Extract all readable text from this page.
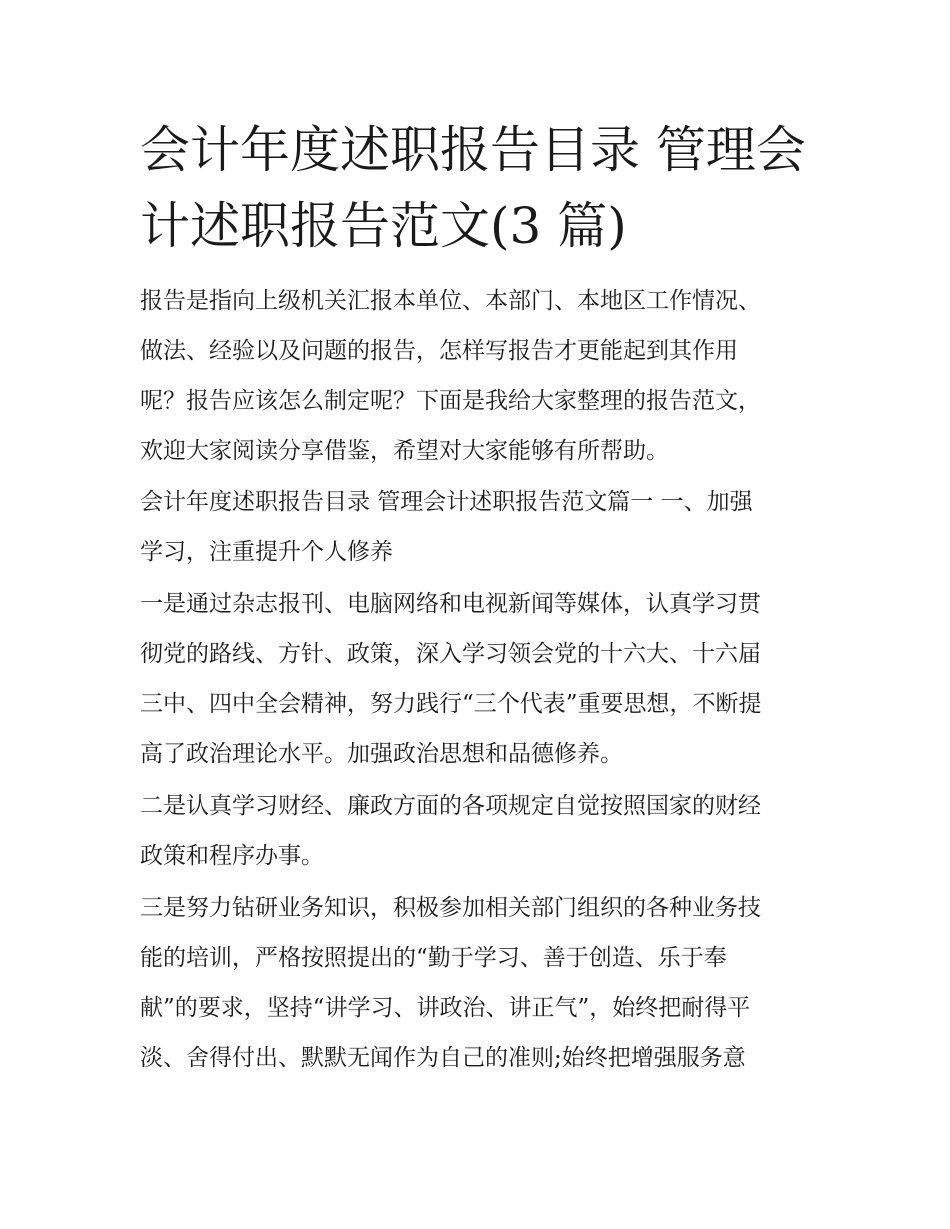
会计年度述职报告目录 管理会
计述职报告范文(3 篇)
报告是指向上级机关汇报本单位、本部门、本地区工作情况、
做法、经验以及问题的报告，怎样写报告才更能起到其作用
呢？报告应该怎么制定呢？下面是我给大家整理的报告范文，
欢迎大家阅读分享借鉴，希望对大家能够有所帮助。
会计年度述职报告目录 管理会计述职报告范文篇一 一、加强
学习，注重提升个人修养
一是通过杂志报刊、电脑网络和电视新闻等媒体，认真学习贯
彻党的路线、方针、政策，深入学习领会党的十六大、十六届
三中、四中全会精神，努力践行“三个代表”重要思想，不断提
高了政治理论水平。加强政治思想和品德修养。
二是认真学习财经、廉政方面的各项规定自觉按照国家的财经
政策和程序办事。
三是努力钻研业务知识，积极参加相关部门组织的各种业务技
能的培训，严格按照提出的“勤于学习、善于创造、乐于奉
献”的要求，坚持“讲学习、讲政治、讲正气”，始终把耐得平
淡、舍得付出、默默无闻作为自己的准则;始终把增强服务意
